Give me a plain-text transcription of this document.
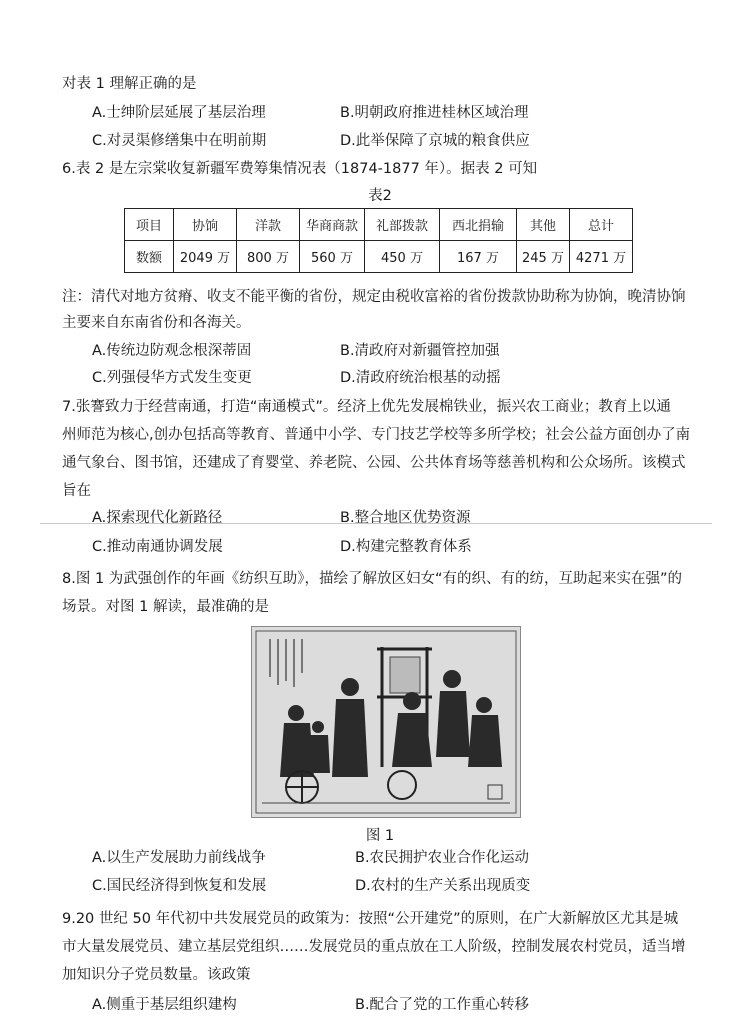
对表 1 理解正确的是
A.士绅阶层延展了基层治理	B.明朝政府推进桂林区域治理
C.对灵渠修缮集中在明前期	D.此举保障了京城的粮食供应
6.表 2 是左宗棠收复新疆军费筹集情况表（1874-1877 年）。据表 2 可知
表2
项目	协饷	洋款	华商商款	礼部拨款	西北捐输	其他	总计
数额	2049 万	800 万	560 万	450 万	167 万	245 万	4271 万
注：清代对地方贫瘠、收支不能平衡的省份，规定由税收富裕的省份拨款协助称为协饷，晚清协饷
主要来自东南省份和各海关。
A.传统边防观念根深蒂固	B.清政府对新疆管控加强
C.列强侵华方式发生变更	D.清政府统治根基的动摇
7.张謇致力于经营南通，打造“南通模式”。经济上优先发展棉铁业，振兴农工商业；教育上以通
州师范为核心,创办包括高等教育、普通中小学、专门技艺学校等多所学校；社会公益方面创办了南
通气象台、图书馆，还建成了育婴堂、养老院、公园、公共体育场等慈善机构和公众场所。该模式
旨在
A.探索现代化新路径	B.整合地区优势资源
C.推动南通协调发展	D.构建完整教育体系
8.图 1 为武强创作的年画《纺织互助》，描绘了解放区妇女“有的织、有的纺，互助起来实在强”的
场景。对图 1 解读，最准确的是
图 1
A.以生产发展助力前线战争	B.农民拥护农业合作化运动
C.国民经济得到恢复和发展	D.农村的生产关系出现质变
9.20 世纪 50 年代初中共发展党员的政策为：按照“公开建党”的原则，在广大新解放区尤其是城
市大量发展党员、建立基层党组织……发展党员的重点放在工人阶级，控制发展农村党员，适当增
加知识分子党员数量。该政策
A.侧重于基层组织建构	B.配合了党的工作重心转移
